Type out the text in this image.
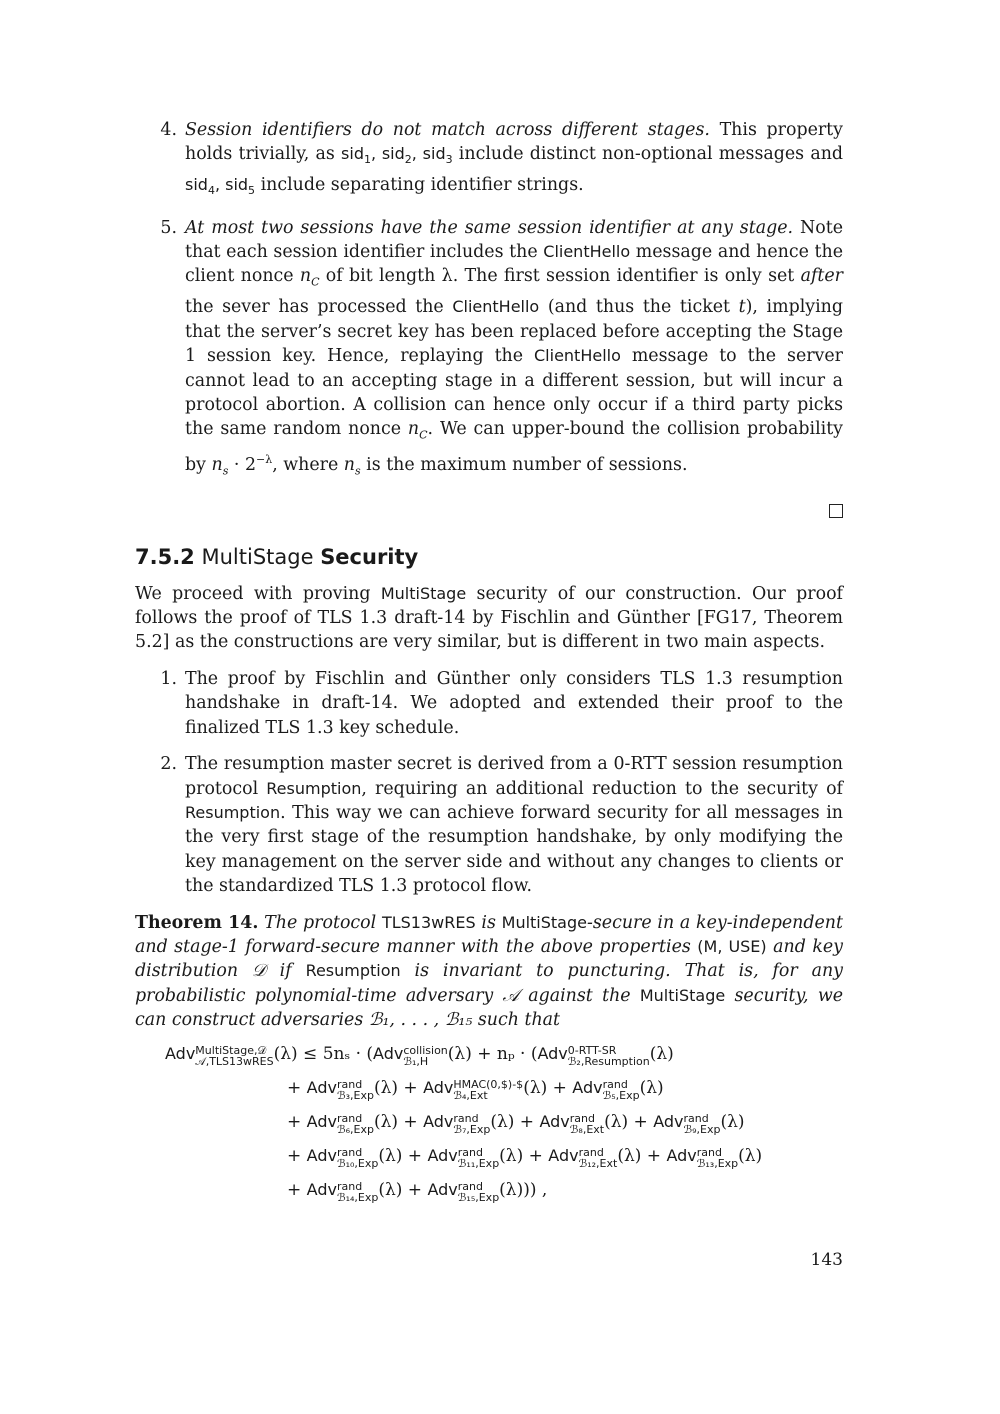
4. Session identifiers do not match across different stages. This property holds trivially, as sid$_1$, sid$_2$, sid$_3$ include distinct non-optional messages and sid$_4$, sid$_5$ include separating identifier strings.
5. At most two sessions have the same session identifier at any stage. Note that each session identifier includes the ClientHello message and hence the client nonce $n_C$ of bit length λ. The first session identifier is only set after the sever has processed the ClientHello (and thus the ticket t), implying that the server’s secret key has been replaced before accepting the Stage 1 session key. Hence, replaying the ClientHello message to the server cannot lead to an accepting stage in a different session, but will incur a protocol abortion. A collision can hence only occur if a third party picks the same random nonce $n_C$. We can upper-bound the collision probability by $n_s \cdot 2^{-\lambda}$, where $n_s$ is the maximum number of sessions.
7.5.2 MultiStage Security
We proceed with proving MultiStage security of our construction. Our proof follows the proof of TLS 1.3 draft-14 by Fischlin and Günther [FG17, Theorem 5.2] as the constructions are very similar, but is different in two main aspects.
1. The proof by Fischlin and Günther only considers TLS 1.3 resumption handshake in draft-14. We adopted and extended their proof to the finalized TLS 1.3 key schedule.
2. The resumption master secret is derived from a 0-RTT session resumption protocol Resumption, requiring an additional reduction to the security of Resumption. This way we can achieve forward security for all messages in the very first stage of the resumption handshake, by only modifying the key management on the server side and without any changes to clients or the standardized TLS 1.3 protocol flow.
Theorem 14. The protocol TLS13wRES is MultiStage-secure in a key-independent and stage-1 forward-secure manner with the above properties (M, USE) and key distribution 𝒟 if Resumption is invariant to puncturing. That is, for any probabilistic polynomial-time adversary 𝒜 against the MultiStage security, we can construct adversaries ℬ₁, . . . , ℬ₁₅ such that
Adv MultiStage,𝒟
𝒜,TLS13wRES (λ) ≤ 5nₛ · (Adv collision
ℬ₁,H	(λ) + nₚ · (Adv 0-RTT-SR
ℬ₂,Resumption (λ)
+ Adv rand
ℬ₃,Exp (λ) + Adv HMAC(0,$)-$
ℬ₄,Ext	(λ) + Adv rand
ℬ₅,Exp (λ)
+ Adv rand
ℬ₆,Exp (λ) + Adv rand
ℬ₇,Exp (λ) + Adv rand
ℬ₈,Ext (λ) + Adv rand
ℬ₉,Exp (λ)
+ Adv rand
ℬ₁₀,Exp (λ) + Adv rand
ℬ₁₁,Exp (λ) + Adv rand
ℬ₁₂,Ext (λ) + Adv rand
ℬ₁₃,Exp (λ)
+ Adv rand
ℬ₁₄,Exp (λ) + Adv rand
ℬ₁₅,Exp (λ))) ,
143
